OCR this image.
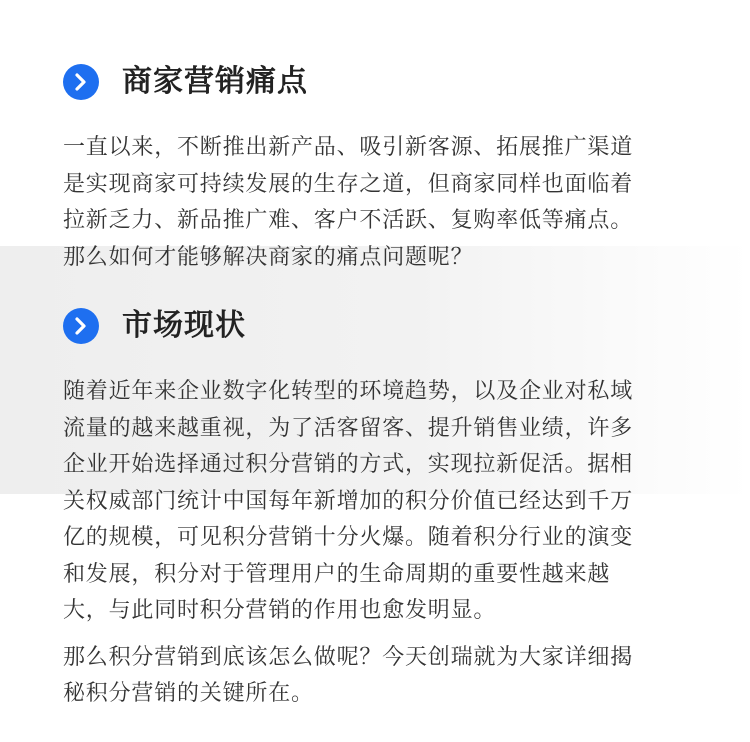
商家营销痛点
一直以来，不断推出新产品、吸引新客源、拓展推广渠道
是实现商家可持续发展的生存之道，但商家同样也面临着
拉新乏力、新品推广难、客户不活跃、复购率低等痛点。
那么如何才能够解决商家的痛点问题呢？
市场现状
随着近年来企业数字化转型的环境趋势，以及企业对私域
流量的越来越重视，为了活客留客、提升销售业绩，许多
企业开始选择通过积分营销的方式，实现拉新促活。据相
关权威部门统计中国每年新增加的积分价值已经达到千万
亿的规模，可见积分营销十分火爆。随着积分行业的演变
和发展，积分对于管理用户的生命周期的重要性越来越
大，与此同时积分营销的作用也愈发明显。
那么积分营销到底该怎么做呢？今天创瑞就为大家详细揭
秘积分营销的关键所在。
